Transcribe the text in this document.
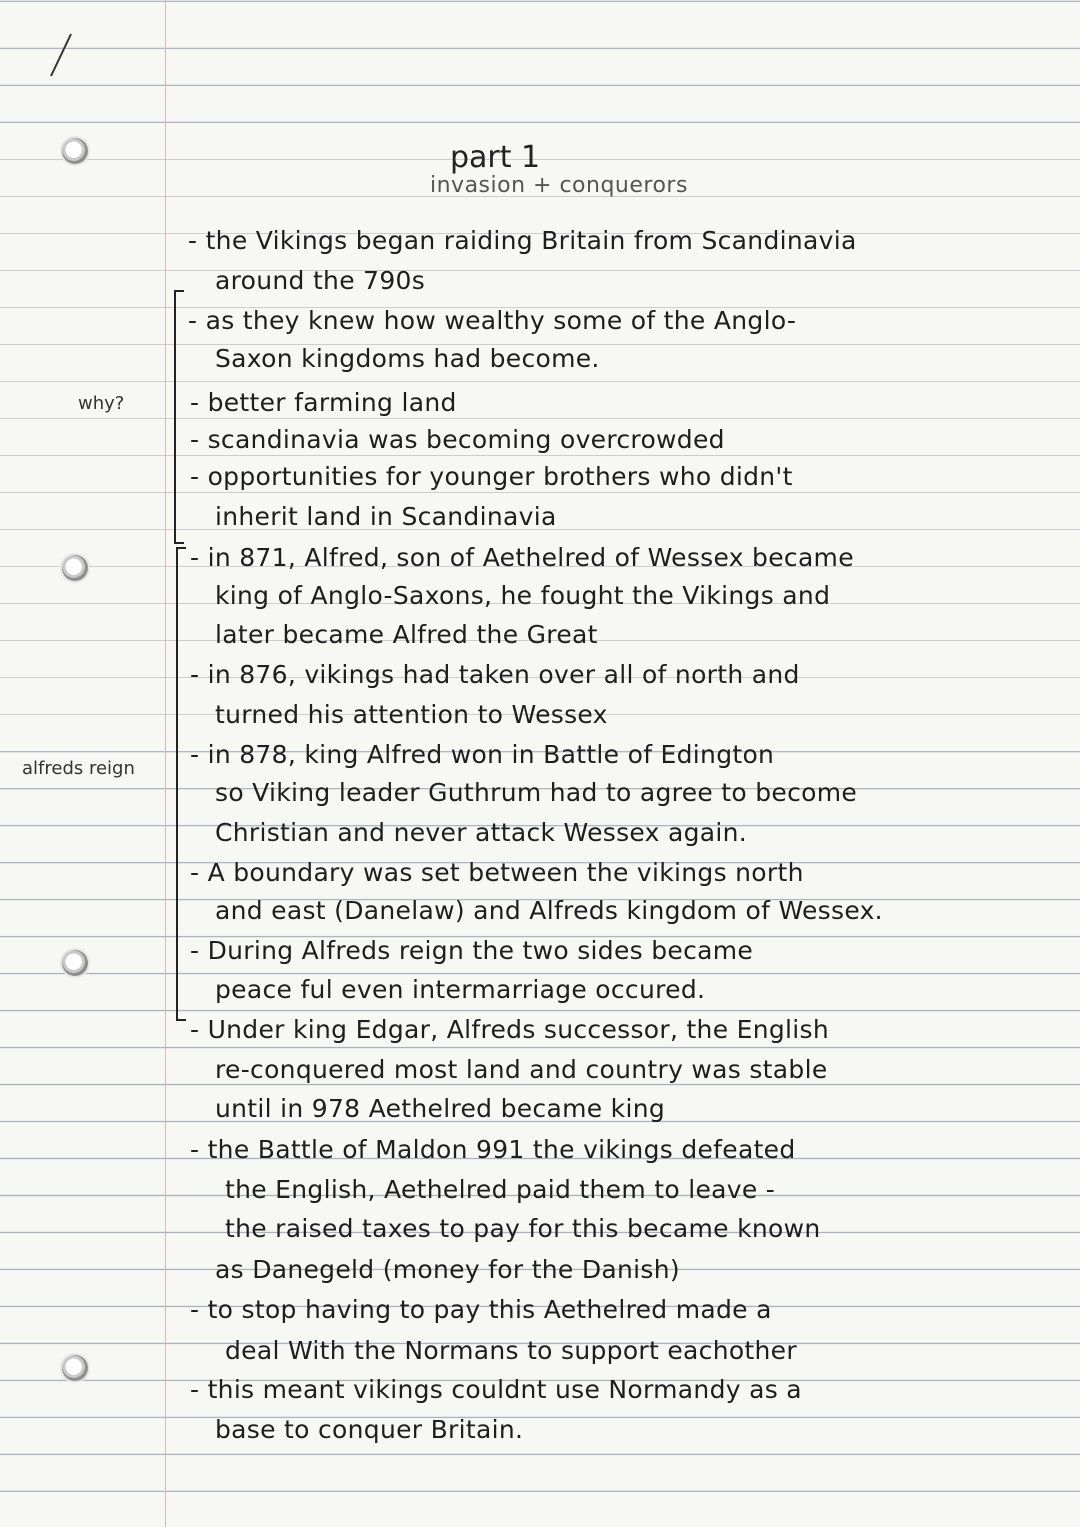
part 1
invasion + conquerors
why?
alfreds reign
- the Vikings began raiding Britain from Scandinavia
around the 790s
- as they knew how wealthy some of the Anglo-
Saxon kingdoms had become.
- better farming land
- scandinavia was becoming overcrowded
- opportunities for younger brothers who didn't
inherit land in Scandinavia
- in 871, Alfred, son of Aethelred of Wessex became
king of Anglo-Saxons, he fought the Vikings and
later became Alfred the Great
- in 876, vikings had taken over all of north and
turned his attention to Wessex
- in 878, king Alfred won in Battle of Edington
so Viking leader Guthrum had to agree to become
Christian and never attack Wessex again.
- A boundary was set between the vikings north
and east (Danelaw) and Alfreds kingdom of Wessex.
- During Alfreds reign the two sides became
peace ful even intermarriage occured.
- Under king Edgar, Alfreds successor, the English
re-conquered most land and country was stable
until in 978 Aethelred became king
- the Battle of Maldon 991 the vikings defeated
the English, Aethelred paid them to leave -
the raised taxes to pay for this became known
as Danegeld (money for the Danish)
- to stop having to pay this Aethelred made a
deal With the Normans to support eachother
- this meant vikings couldnt use Normandy as a
base to conquer Britain.
